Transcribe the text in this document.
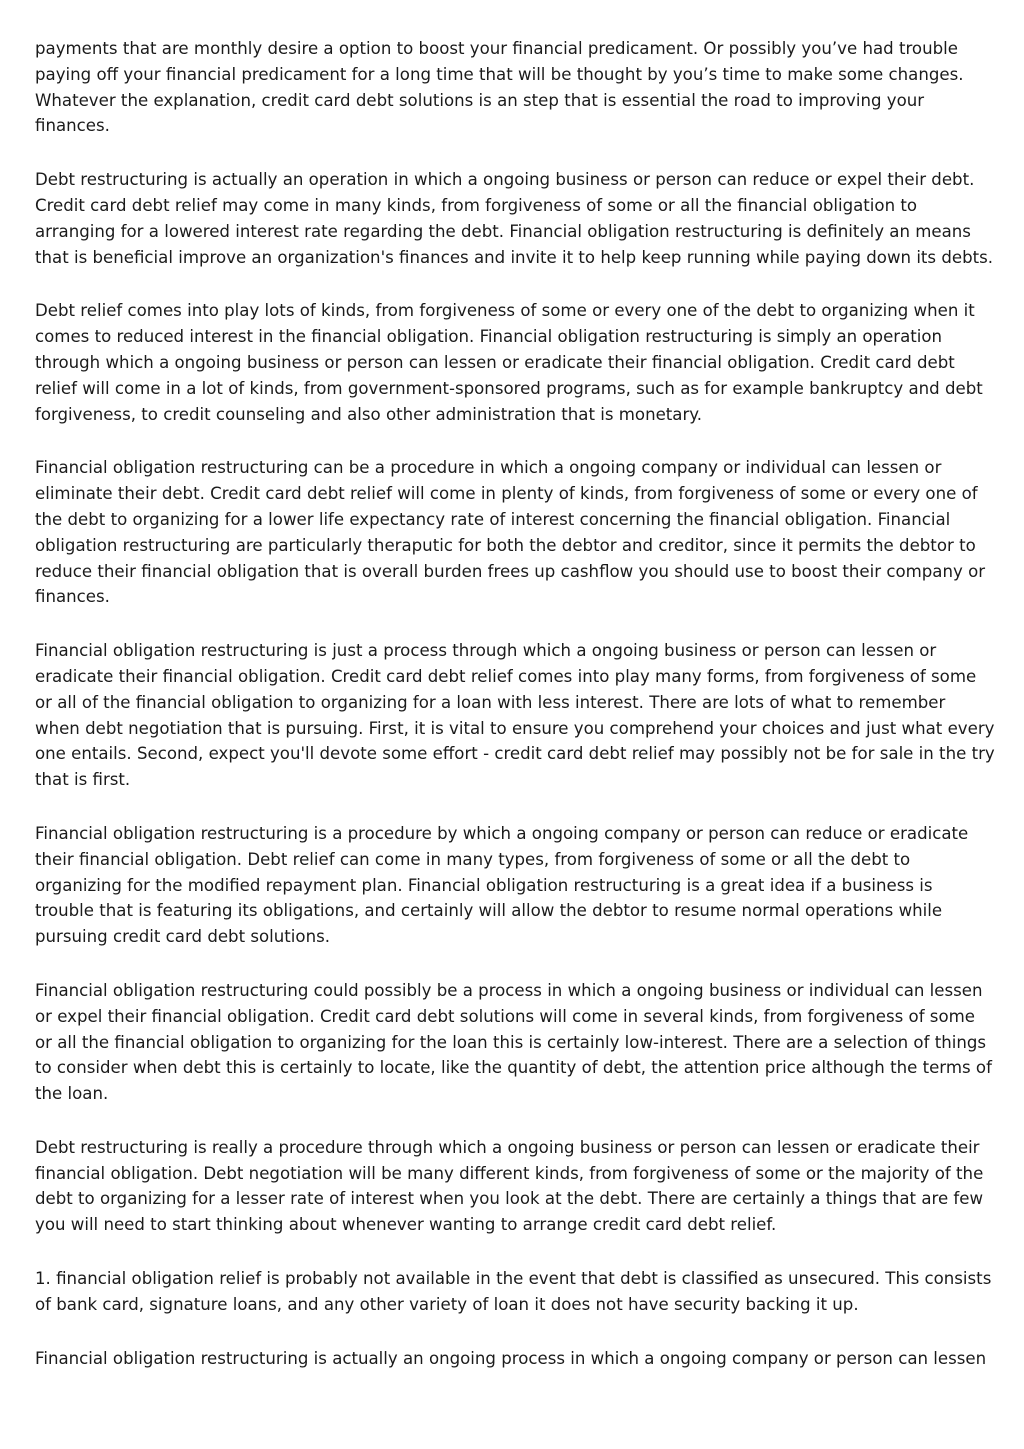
payments that are monthly desire a option to boost your financial predicament. Or possibly you’ve had trouble paying off your financial predicament for a long time that will be thought by you’s time to make some changes. Whatever the explanation, credit card debt solutions is an step that is essential the road to improving your finances.

Debt restructuring is actually an operation in which a ongoing business or person can reduce or expel their debt. Credit card debt relief may come in many kinds, from forgiveness of some or all the financial obligation to arranging for a lowered interest rate regarding the debt. Financial obligation restructuring is definitely an means that is beneficial improve an organization's finances and invite it to help keep running while paying down its debts.

Debt relief comes into play lots of kinds, from forgiveness of some or every one of the debt to organizing when it comes to reduced interest in the financial obligation. Financial obligation restructuring is simply an operation through which a ongoing business or person can lessen or eradicate their financial obligation. Credit card debt relief will come in a lot of kinds, from government-sponsored programs, such as for example bankruptcy and debt forgiveness, to credit counseling and also other administration that is monetary.

Financial obligation restructuring can be a procedure in which a ongoing company or individual can lessen or eliminate their debt. Credit card debt relief will come in plenty of kinds, from forgiveness of some or every one of the debt to organizing for a lower life expectancy rate of interest concerning the financial obligation. Financial obligation restructuring are particularly theraputic for both the debtor and creditor, since it permits the debtor to reduce their financial obligation that is overall burden frees up cashflow you should use to boost their company or finances.

Financial obligation restructuring is just a process through which a ongoing business or person can lessen or eradicate their financial obligation. Credit card debt relief comes into play many forms, from forgiveness of some or all of the financial obligation to organizing for a loan with less interest. There are lots of what to remember when debt negotiation that is pursuing. First, it is vital to ensure you comprehend your choices and just what every one entails. Second, expect you'll devote some effort - credit card debt relief may possibly not be for sale in the try that is first.

Financial obligation restructuring is a procedure by which a ongoing company or person can reduce or eradicate their financial obligation. Debt relief can come in many types, from forgiveness of some or all the debt to organizing for the modified repayment plan. Financial obligation restructuring is a great idea if a business is trouble that is featuring its obligations, and certainly will allow the debtor to resume normal operations while pursuing credit card debt solutions.

Financial obligation restructuring could possibly be a process in which a ongoing business or individual can lessen or expel their financial obligation. Credit card debt solutions will come in several kinds, from forgiveness of some or all the financial obligation to organizing for the loan this is certainly low-interest. There are a selection of things to consider when debt this is certainly to locate, like the quantity of debt, the attention price although the terms of the loan.

Debt restructuring is really a procedure through which a ongoing business or person can lessen or eradicate their financial obligation. Debt negotiation will be many different kinds, from forgiveness of some or the majority of the debt to organizing for a lesser rate of interest when you look at the debt. There are certainly a things that are few you will need to start thinking about whenever wanting to arrange credit card debt relief.

1. financial obligation relief is probably not available in the event that debt is classified as unsecured. This consists of bank card, signature loans, and any other variety of loan it does not have security backing it up.

Financial obligation restructuring is actually an ongoing process in which a ongoing company or person can lessen
